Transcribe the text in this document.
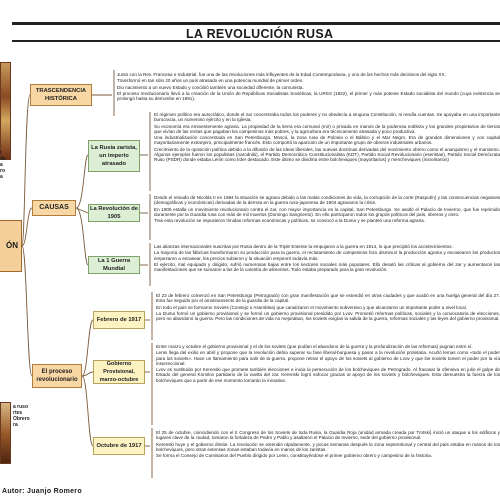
LA REVOLUCIÓN RUSA
r
de
a
ro
a
a ruso
rtes
Obrero
ra
ÓN
TRASCENDENCIA HISTÓRICA

Junto con la Rev. Francesa e Industrial, fue una de las revoluciones más influyentes de la Edad Contemporánea, y uno de los hechos más decisivos del siglo XX.

Transformó en tan sólo 20 años un país atrasado en una potencia mundial de primer orden.

Dio nacimiento a un nuevo Estado y concibió también una sociedad diferente, la comunista.

El proceso revolucionario llevó a la creación de la Unión de Repúblicas Socialistas Soviéticas, la URSS (1922), el primer y más potente Estado socialista del mundo (cuya existencia se prolongó hasta su derrumbe en 1991).

CAUSAS
La Rusia zarista, un imperio atrasado

El régimen político era autocrático, donde el zar concentraba todos los poderes y no obedecía a ninguna Constitución, ni rendía cuentas. Se apoyaba en una importante burocracia, un numeroso ejército y en la Iglesia.

Su economía era eminentemente agraria. La propiedad de la tierra era comunal (mir) o privada en manos de la poderosa nobleza y los grandes propietarios de tierras que vivían de las rentas que pagaban los campesinos más pobres, y la agricultura era técnicamente atrasada y poco productiva.

Una industrialización concentrada en San Petersburgo, Moscú, la zona rusa de Polonia o el Báltico y el Mar Negro. Era de grandes dimensiones y con capital mayoritariamente extranjero, principalmente francés. Esto comportó la aparición de un importante grupo de obreros industriales urbanos.

Crecimiento de la oposición política debido a la difusión de las ideas liberales, las nuevas doctrinas derivadas del movimiento obrero como el anarquismo y el marxismo. Algunos ejemplos fueron los populistas (narodniki), el Partido Democrático Constitucionalista (KDT), Partido Social Revolucionario (eseristas), Partido Social Demócrata Ruso (PSDR) donde estaba Lenin como líder destacado. Este último se dividiría entre bolcheviques (mayoritarios) y mencheviques (minoritarios)

La Revolución de 1905

Desde el reinado de Nicolás II en 1894 la situación se agrava debido a las malas condiciones de vida, la corrupción de la corte (Rasputín) y las consecuencias negativas (demográficas y económicas) derivadas de la derrota en la guerra ruso-japonesa de 1904 agravaron la crisis.

En 1905 estalla un movimiento revolucionario contra el zar, con mayor importancia en la capital, San Petersburgo. Se asaltó el Palacio de Invierno, que fue reprimido duramente por la Guardia rusa con más de mil muertos (Domingo Sangriento). En ello participaron todos los grupos políticos del país, obreros y clero.

Tras esta revolución se impusieron tímidas reformas económicas y políticas, se convocó a la Duma y se planteó una reforma agraria.

La 1 Guerra Mundial

Las alianzas internacionales suscritas por Rusia dentro de la Triple Entente la empujaron a la guerra en 1914, lo que precipitó los acontecimientos.

La mayoría de las fábricas transformaron su producción para la guerra, el reclutamiento de campesinos hizo disminuir la producción agraria y escasearon los productos empezaron a escasear, los precios subieron y la situación empeoró todavía más.

El ejército, mal equipado y dirigido, sufrió numerosas bajas entre los sectores sociales más populares. Ello desató las críticas al gobierno del zar y aumentaron las manifestaciones que se sumaron a las de la carestía de alimentos. Todo estaba preparado para la gran revolución.

El proceso revolucionario
Febrero de 1917

El 23 de febrero comenzó en San Petersburgo (Petrogrado) con gran manifestación que se extendió en otras ciudades y que acabó en una huelga general del día 27. Esto fue seguido por el amotinamiento de la guardia de la capital.

En todo el país se formaron Soviets (Consejo o Asamblea) que canalizaron el movimiento subversivo y que alcanzaron un importante poder a nivel local.

La Duma formó un gobierno provisional y se formó un gobierno provisional presidido por Lvov. Prometió reformas políticas, sociales y la convocatoria de elecciones, pero no abandonó la guerra. Pero las condiciones de vida no mejoraban, los soviets exigían la salida de la guerra, reformas sociales y las leyes del gobierno provisional.

Gobierno Provisional, marzo-octubre

Entre marzo y octubre el gobierno provisional y el de los soviets (que podían el abandono de la guerra y la profundización de las reformas) pugnan entre sí.

Lenin llega del exilio en abril y propone que la revolución debía superar su fase liberal-burguesa y pasar a la revolución proletaria. Acuñó lemas como «todo el poder para los soviets». Hace un llamamiento para salir de la guerra, propone retirar el apoyo de los soviets al gobierno de Lvov y que los soviets tomen el poder por la vía insurreccional.

Lvov es sustituido por Kerenski que promete también elecciones e inicia la persecución de los bolcheviques de Petrogrado. Al fracasar la ofensiva en julio el golpe de Estado del general Kornilov partidario de la vuelta del zar. Kerenski logró sofocar gracias al apoyo de los soviets y bolcheviques. Esto demuestra la fuerza de los bolcheviques que a partir de ese momento tomarán la iniciativa.

Octubre de 1917

El 25 de octubre, coincidiendo con el II Congreso de los Soviets de toda Rusia, la Guardia Roja (unidad armada creada por Trotski) inició un ataque a los edificios y lugares clave de la ciudad, tomaron la fortaleza de Pedro y Pablo y asaltaron el Palacio de Invierno, sede del gobierno provisional.

Kerenski huye y el gobierno dimite. La revolución se extendió rápidamente, y pocas semanas después la zona septentrional y central del país estaba en manos de los bolcheviques, pero otras extensas zonas estaban todavía en manos de los zaristas.

Se forma el Consejo de Comisarios del Pueblo dirigido por Lenin, constituyéndose el primer gobierno obrero y campesino de la historia.

Autor: Juanjo Romero
